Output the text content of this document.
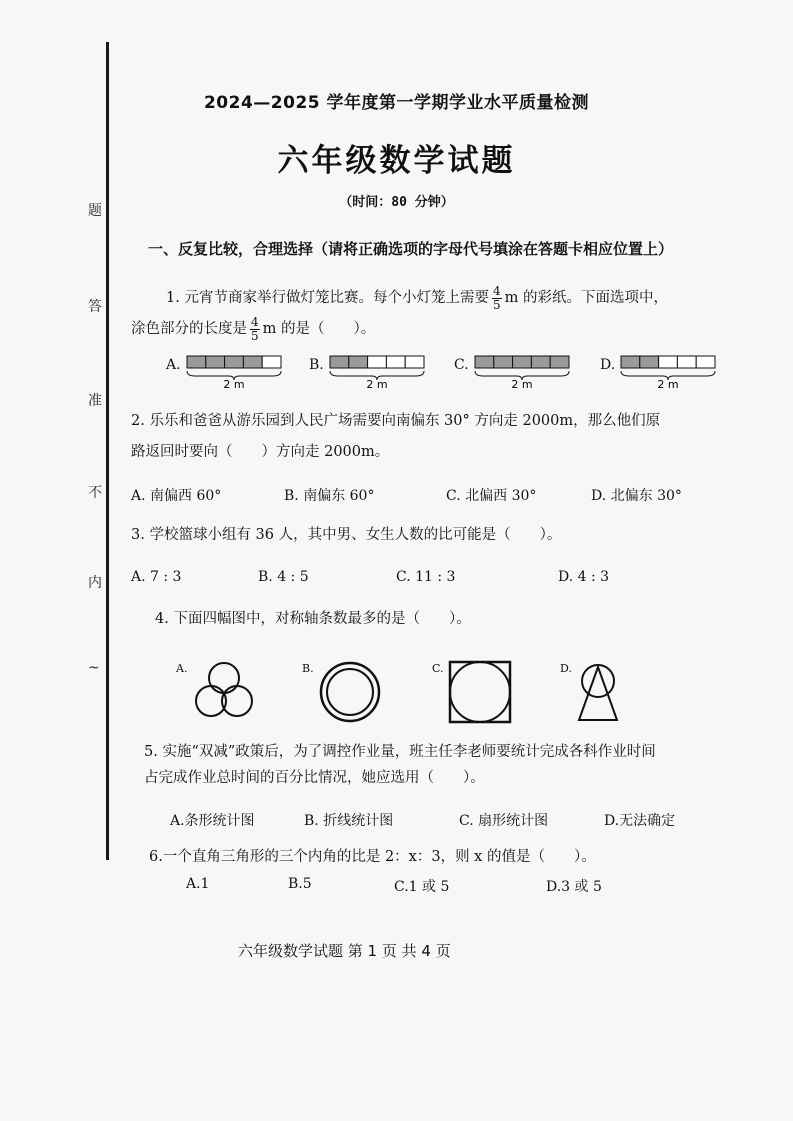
题
答
准
不
内
~
2024—2025 学年度第一学期学业水平质量检测
六年级数学试题
（时间：80 分钟）
一、反复比较，合理选择（请将正确选项的字母代号填涂在答题卡相应位置上）
1. 元宵节商家举行做灯笼比赛。每个小灯笼上需要 $\frac{4}{5}$ m 的彩纸。下面选项中，
涂色部分的长度是 $\frac{4}{5}$ m 的是（　　）。
A.
2 m
B.
2 m
C.
2 m
D.
2 m
2. 乐乐和爸爸从游乐园到人民广场需要向南偏东 30° 方向走 2000m，那么他们原
路返回时要向（　　）方向走 2000m。
A. 南偏西 60°	B. 南偏东 60°	C. 北偏西 30°	D. 北偏东 30°
3. 学校篮球小组有 36 人，其中男、女生人数的比可能是（　　）。
A. 7 : 3	B. 4 : 5	C. 11 : 3	D. 4 : 3
4. 下面四幅图中，对称轴条数最多的是（　　）。
A.	B.	C.	D.
5. 实施“双减”政策后，为了调控作业量，班主任李老师要统计完成各科作业时间
占完成作业总时间的百分比情况，她应选用（　　）。
A.条形统计图	B. 折线统计图	C. 扇形统计图	D.无法确定
6.一个直角三角形的三个内角的比是 2：x：3，则 x 的值是（　　）。
A.1	B.5	C.1 或 5	D.3 或 5
六年级数学试题 第 1 页 共 4 页
